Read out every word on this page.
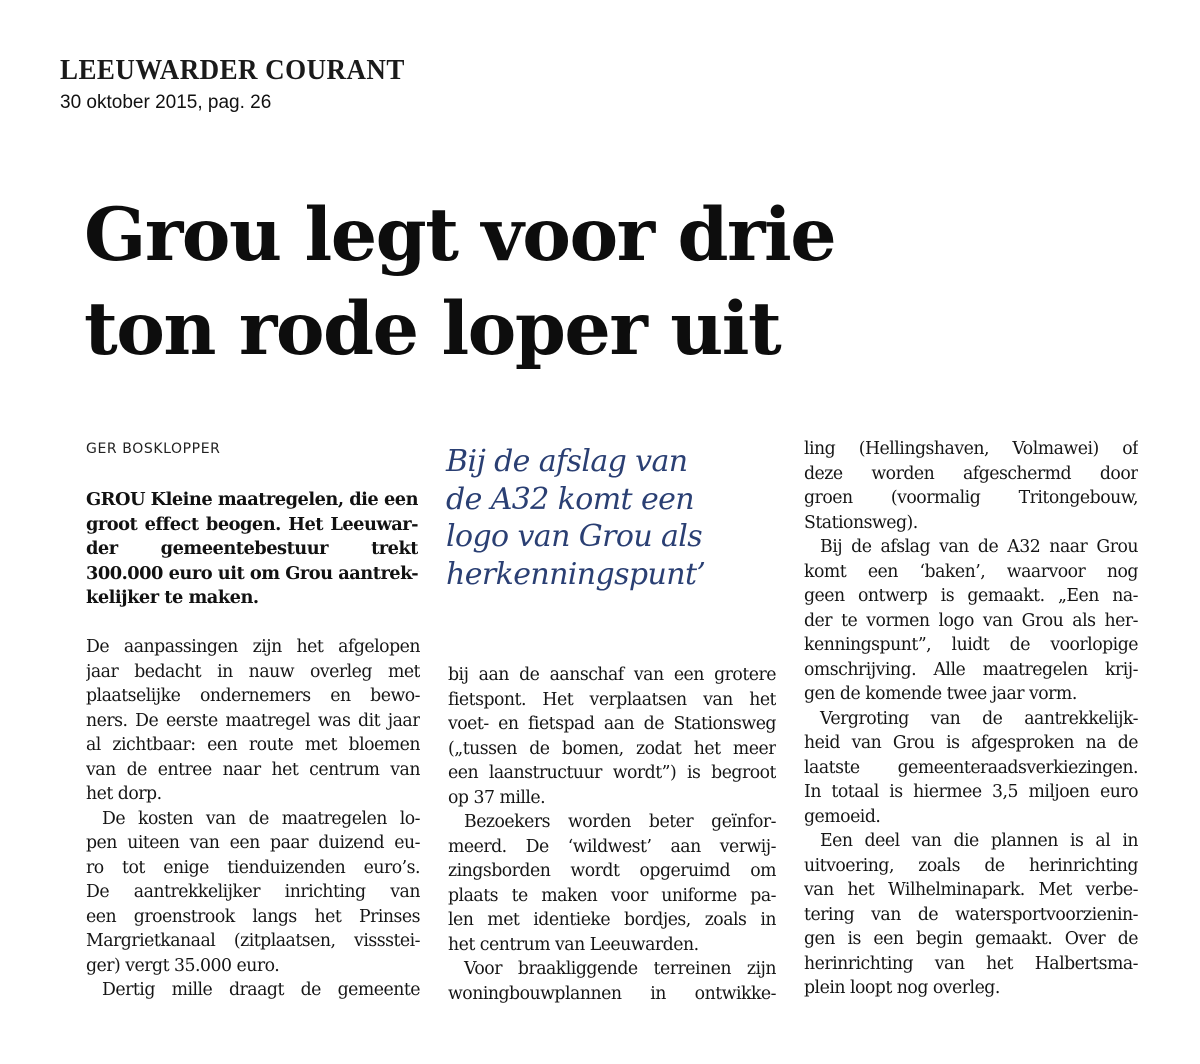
LEEUWARDER COURANT
30 oktober 2015, pag. 26
Grou legt voor drie
ton rode loper uit
GER BOSKLOPPER
GROU Kleine maatregelen, die een
groot effect beogen. Het Leeuwar-
der gemeentebestuur trekt
300.000 euro uit om Grou aantrek-
kelijker te maken.
De aanpassingen zijn het afgelopen
jaar bedacht in nauw overleg met
plaatselijke ondernemers en bewo-
ners. De eerste maatregel was dit jaar
al zichtbaar: een route met bloemen
van de entree naar het centrum van
het dorp.
De kosten van de maatregelen lo-
pen uiteen van een paar duizend eu-
ro tot enige tienduizenden euro’s.
De aantrekkelijker inrichting van
een groenstrook langs het Prinses
Margrietkanaal (zitplaatsen, vissstei-
ger) vergt 35.000 euro.
Dertig mille draagt de gemeente
Bij de afslag van
de A32 komt een
logo van Grou als
herkenningspunt’
bij aan de aanschaf van een grotere
fietspont. Het verplaatsen van het
voet- en fietspad aan de Stationsweg
(„tussen de bomen, zodat het meer
een laanstructuur wordt”) is begroot
op 37 mille.
Bezoekers worden beter geïnfor-
meerd. De ‘wildwest’ aan verwij-
zingsborden wordt opgeruimd om
plaats te maken voor uniforme pa-
len met identieke bordjes, zoals in
het centrum van Leeuwarden.
Voor braakliggende terreinen zijn
woningbouwplannen in ontwikke-
ling (Hellingshaven, Volmawei) of
deze worden afgeschermd door
groen (voormalig Tritongebouw,
Stationsweg).
Bij de afslag van de A32 naar Grou
komt een ‘baken’, waarvoor nog
geen ontwerp is gemaakt. „Een na-
der te vormen logo van Grou als her-
kenningspunt”, luidt de voorlopige
omschrijving. Alle maatregelen krij-
gen de komende twee jaar vorm.
Vergroting van de aantrekkelijk-
heid van Grou is afgesproken na de
laatste gemeenteraadsverkiezingen.
In totaal is hiermee 3,5 miljoen euro
gemoeid.
Een deel van die plannen is al in
uitvoering, zoals de herinrichting
van het Wilhelminapark. Met verbe-
tering van de watersportvoorzienin-
gen is een begin gemaakt. Over de
herinrichting van het Halbertsma-
plein loopt nog overleg.
